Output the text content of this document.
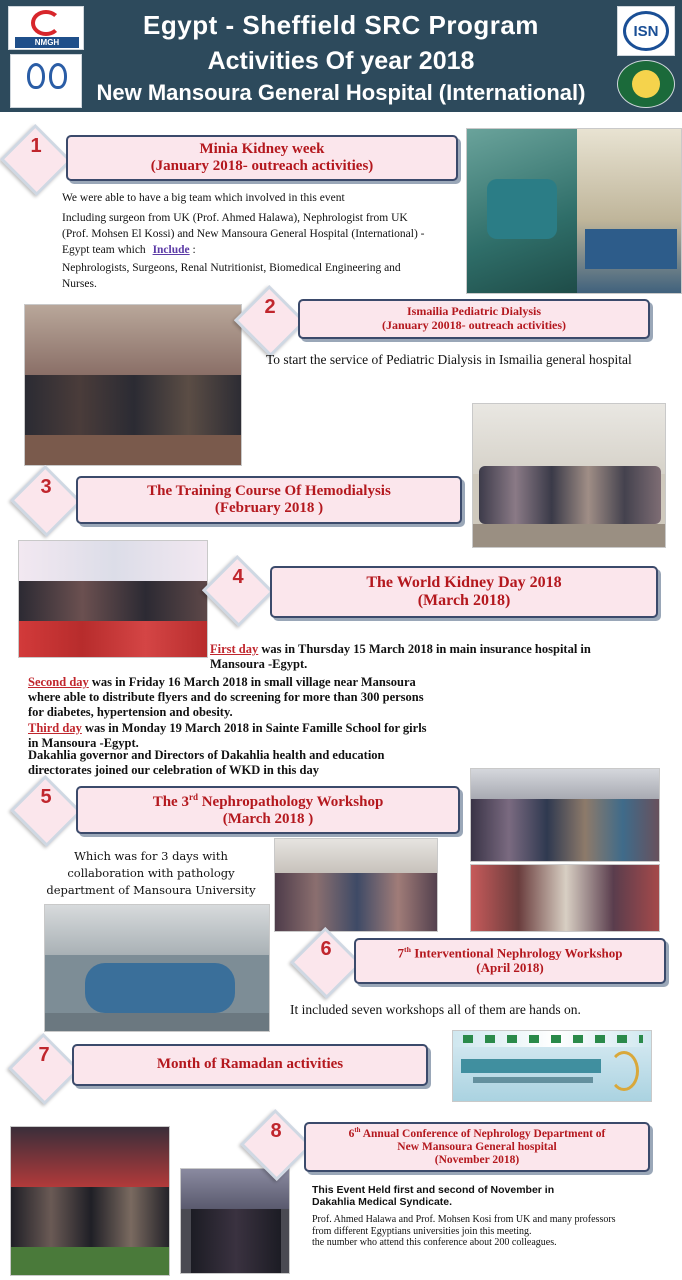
Egypt - Sheffield SRC Program
Activities Of year 2018
New Mansoura General Hospital (International)
NMGH
ISN
1	Minia Kidney week
(January 2018- outreach activities)
We were able to have a big team which involved in this event
Including surgeon from UK (Prof. Ahmed Halawa), Nephrologist from UK
(Prof. Mohsen El Kossi) and New Mansoura General Hospital (International) -
Egypt team which Include :
Nephrologists, Surgeons, Renal Nutritionist, Biomedical Engineering and
Nurses.
2	Ismailia Pediatric Dialysis
(January 20018- outreach activities)
To start the service of Pediatric Dialysis in Ismailia general hospital
3	The Training Course Of Hemodialysis
(February 2018 )
4	The World Kidney Day 2018
(March 2018)
First day was in Thursday 15 March 2018 in main insurance hospital in
Mansoura -Egypt.
Second day was in Friday 16 March 2018 in small village near Mansoura
where able to distribute flyers and do screening for more than 300 persons
for diabetes, hypertension and obesity.
Third day was in Monday 19 March 2018 in Sainte Famille School for girls
in Mansoura -Egypt.
Dakahlia governor and Directors of Dakahlia health and education
directorates joined our celebration of WKD in this day
5	The 3rd Nephropathology Workshop
(March 2018 )
Which was for 3 days with
collaboration with pathology
department of Mansoura University
6	7th Interventional Nephrology Workshop
(April 2018)
It included seven workshops all of them are hands on.
7	Month of Ramadan activities
8	6th Annual Conference of Nephrology Department of
New Mansoura General hospital
(November 2018)
This Event Held first and second of November in
Dakahlia Medical Syndicate.
Prof. Ahmed Halawa and Prof. Mohsen Kosi from UK and many professors
from different Egyptians universities join this meeting.
the number who attend this conference about 200 colleagues.
